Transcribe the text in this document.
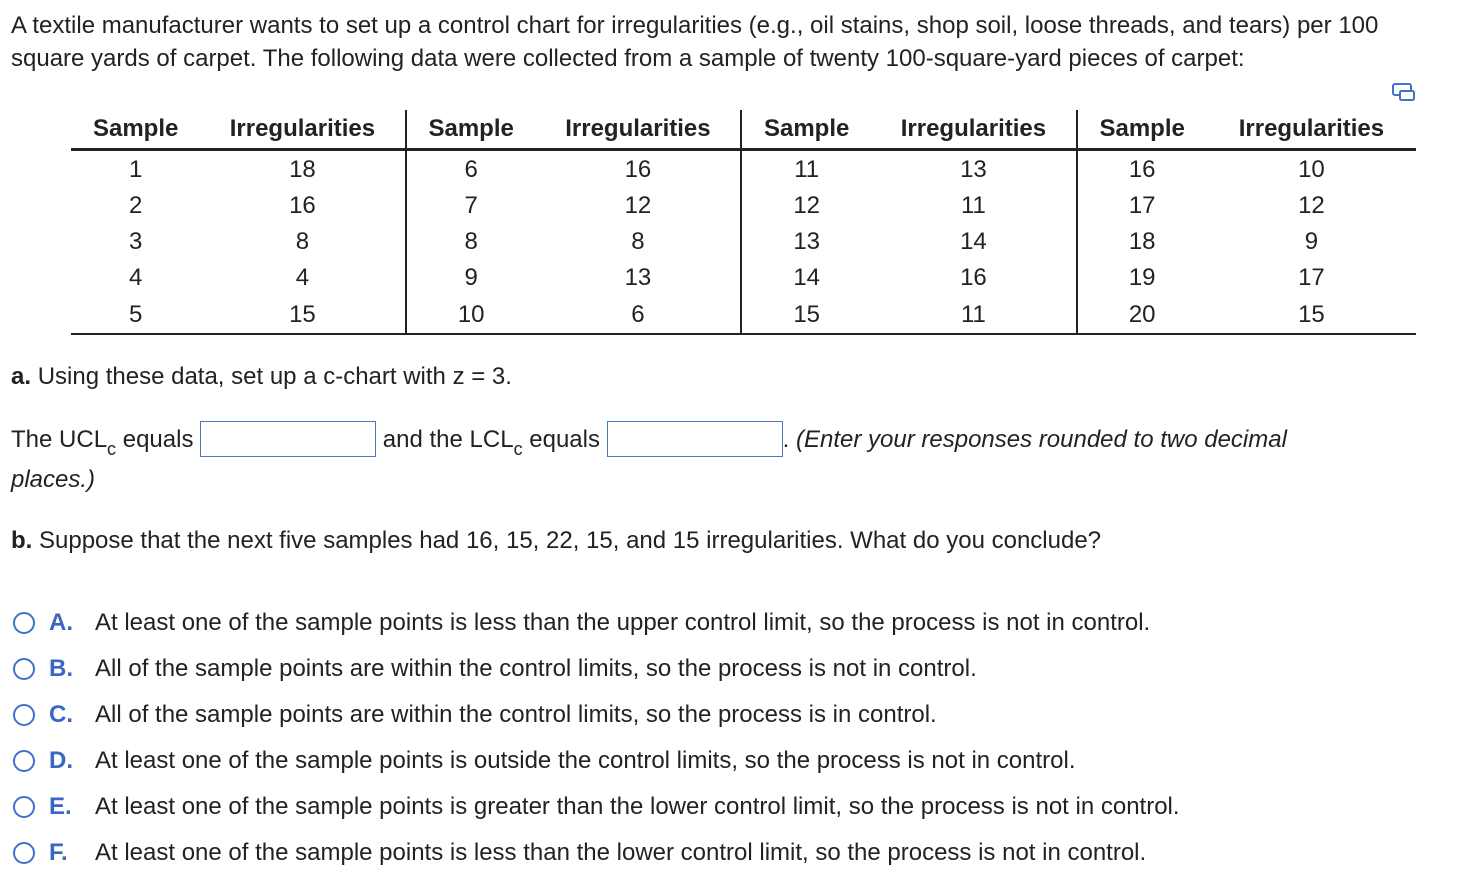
A textile manufacturer wants to set up a control chart for irregularities (e.g., oil stains, shop soil, loose threads, and tears) per 100 square yards of carpet. The following data were collected from a sample of twenty 100-square-yard pieces of carpet:

Sample	Irregularities	Sample	Irregularities	Sample	Irregularities	Sample	Irregularities
1	18	6	16	11	13	16	10
2	16	7	12	12	11	17	12
3	8	8	8	13	14	18	9
4	4	9	13	14	16	19	17
5	15	10	6	15	11	20	15

a. Using these data, set up a c-chart with z = 3.

The $UCL_c$ equals	and the $LCL_c$ equals	. (Enter your responses rounded to two decimal
places.)

b. Suppose that the next five samples had 16, 15, 22, 15, and 15 irregularities. What do you conclude?

A. At least one of the sample points is less than the upper control limit, so the process is not in control.
B. All of the sample points are within the control limits, so the process is not in control.
C. All of the sample points are within the control limits, so the process is in control.
D. At least one of the sample points is outside the control limits, so the process is not in control.
E. At least one of the sample points is greater than the lower control limit, so the process is not in control.
F.	At least one of the sample points is less than the lower control limit, so the process is not in control.
